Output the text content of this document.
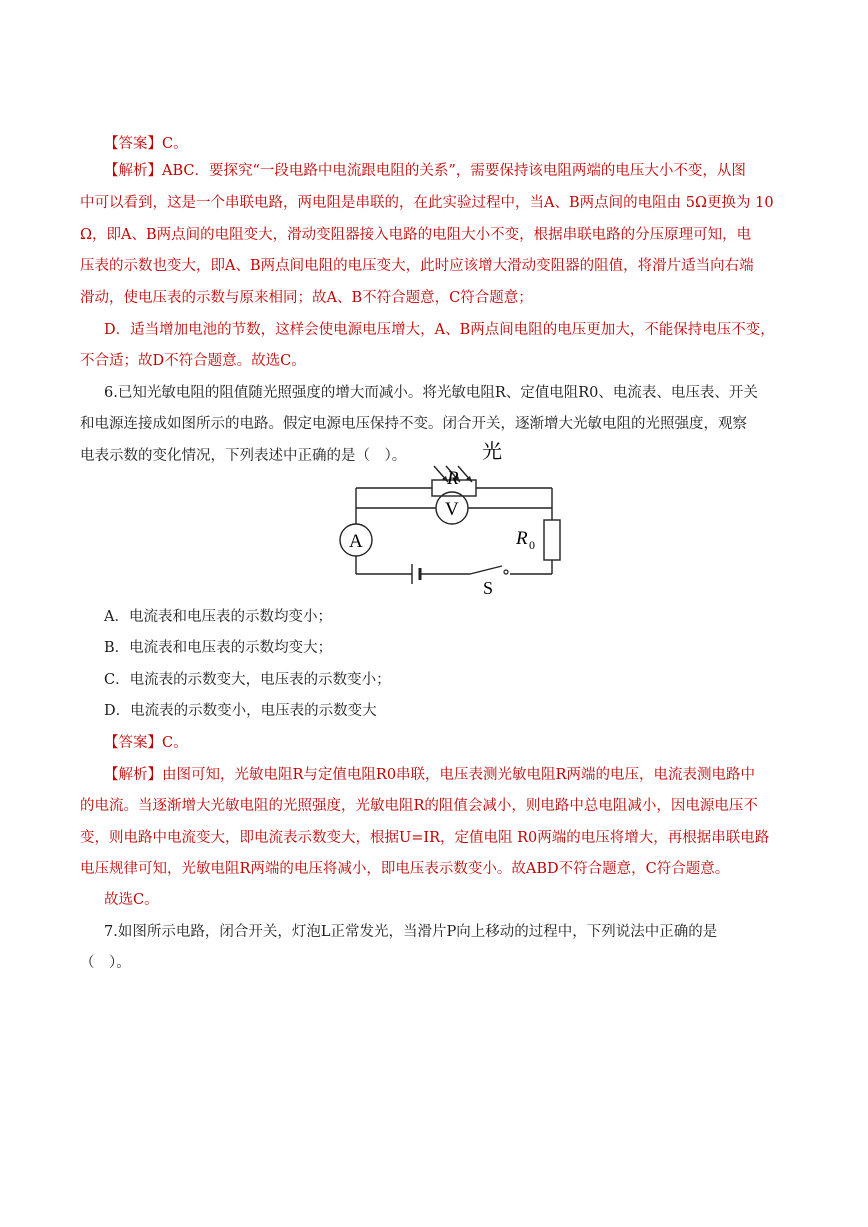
【答案】C。
【解析】ABC．要探究“一段电路中电流跟电阻的关系”，需要保持该电阻两端的电压大小不变，从图
中可以看到，这是一个串联电路，两电阻是串联的，在此实验过程中，当A、B两点间的电阻由 5Ω更换为 10
Ω，即A、B两点间的电阻变大，滑动变阻器接入电路的电阻大小不变，根据串联电路的分压原理可知，电
压表的示数也变大，即A、B两点间电阻的电压变大，此时应该增大滑动变阻器的阻值，将滑片适当向右端
滑动，使电压表的示数与原来相同；故A、B不符合题意，C符合题意；
D．适当增加电池的节数，这样会使电源电压增大，A、B两点间电阻的电压更加大，不能保持电压不变，
不合适；故D不符合题意。故选C。
6.已知光敏电阻的阻值随光照强度的增大而减小。将光敏电阻R、定值电阻R0、电流表、电压表、开关
和电源连接成如图所示的电路。假定电源电压保持不变。闭合开关，逐渐增大光敏电阻的光照强度，观察
电表示数的变化情况，下列表述中正确的是（　）。	光
R
V
A	R 0
S
A．电流表和电压表的示数均变小；
B．电流表和电压表的示数均变大；
C．电流表的示数变大，电压表的示数变小；
D．电流表的示数变小，电压表的示数变大
【答案】C。
【解析】由图可知，光敏电阻R与定值电阻R0串联，电压表测光敏电阻R两端的电压，电流表测电路中
的电流。当逐渐增大光敏电阻的光照强度，光敏电阻R的阻值会减小，则电路中总电阻减小，因电源电压不
变，则电路中电流变大，即电流表示数变大，根据U=IR，定值电阻 R0两端的电压将增大，再根据串联电路
电压规律可知，光敏电阻R两端的电压将减小，即电压表示数变小。故ABD不符合题意，C符合题意。
故选C。
7.如图所示电路，闭合开关，灯泡L正常发光，当滑片P向上移动的过程中，下列说法中正确的是
（　）。
